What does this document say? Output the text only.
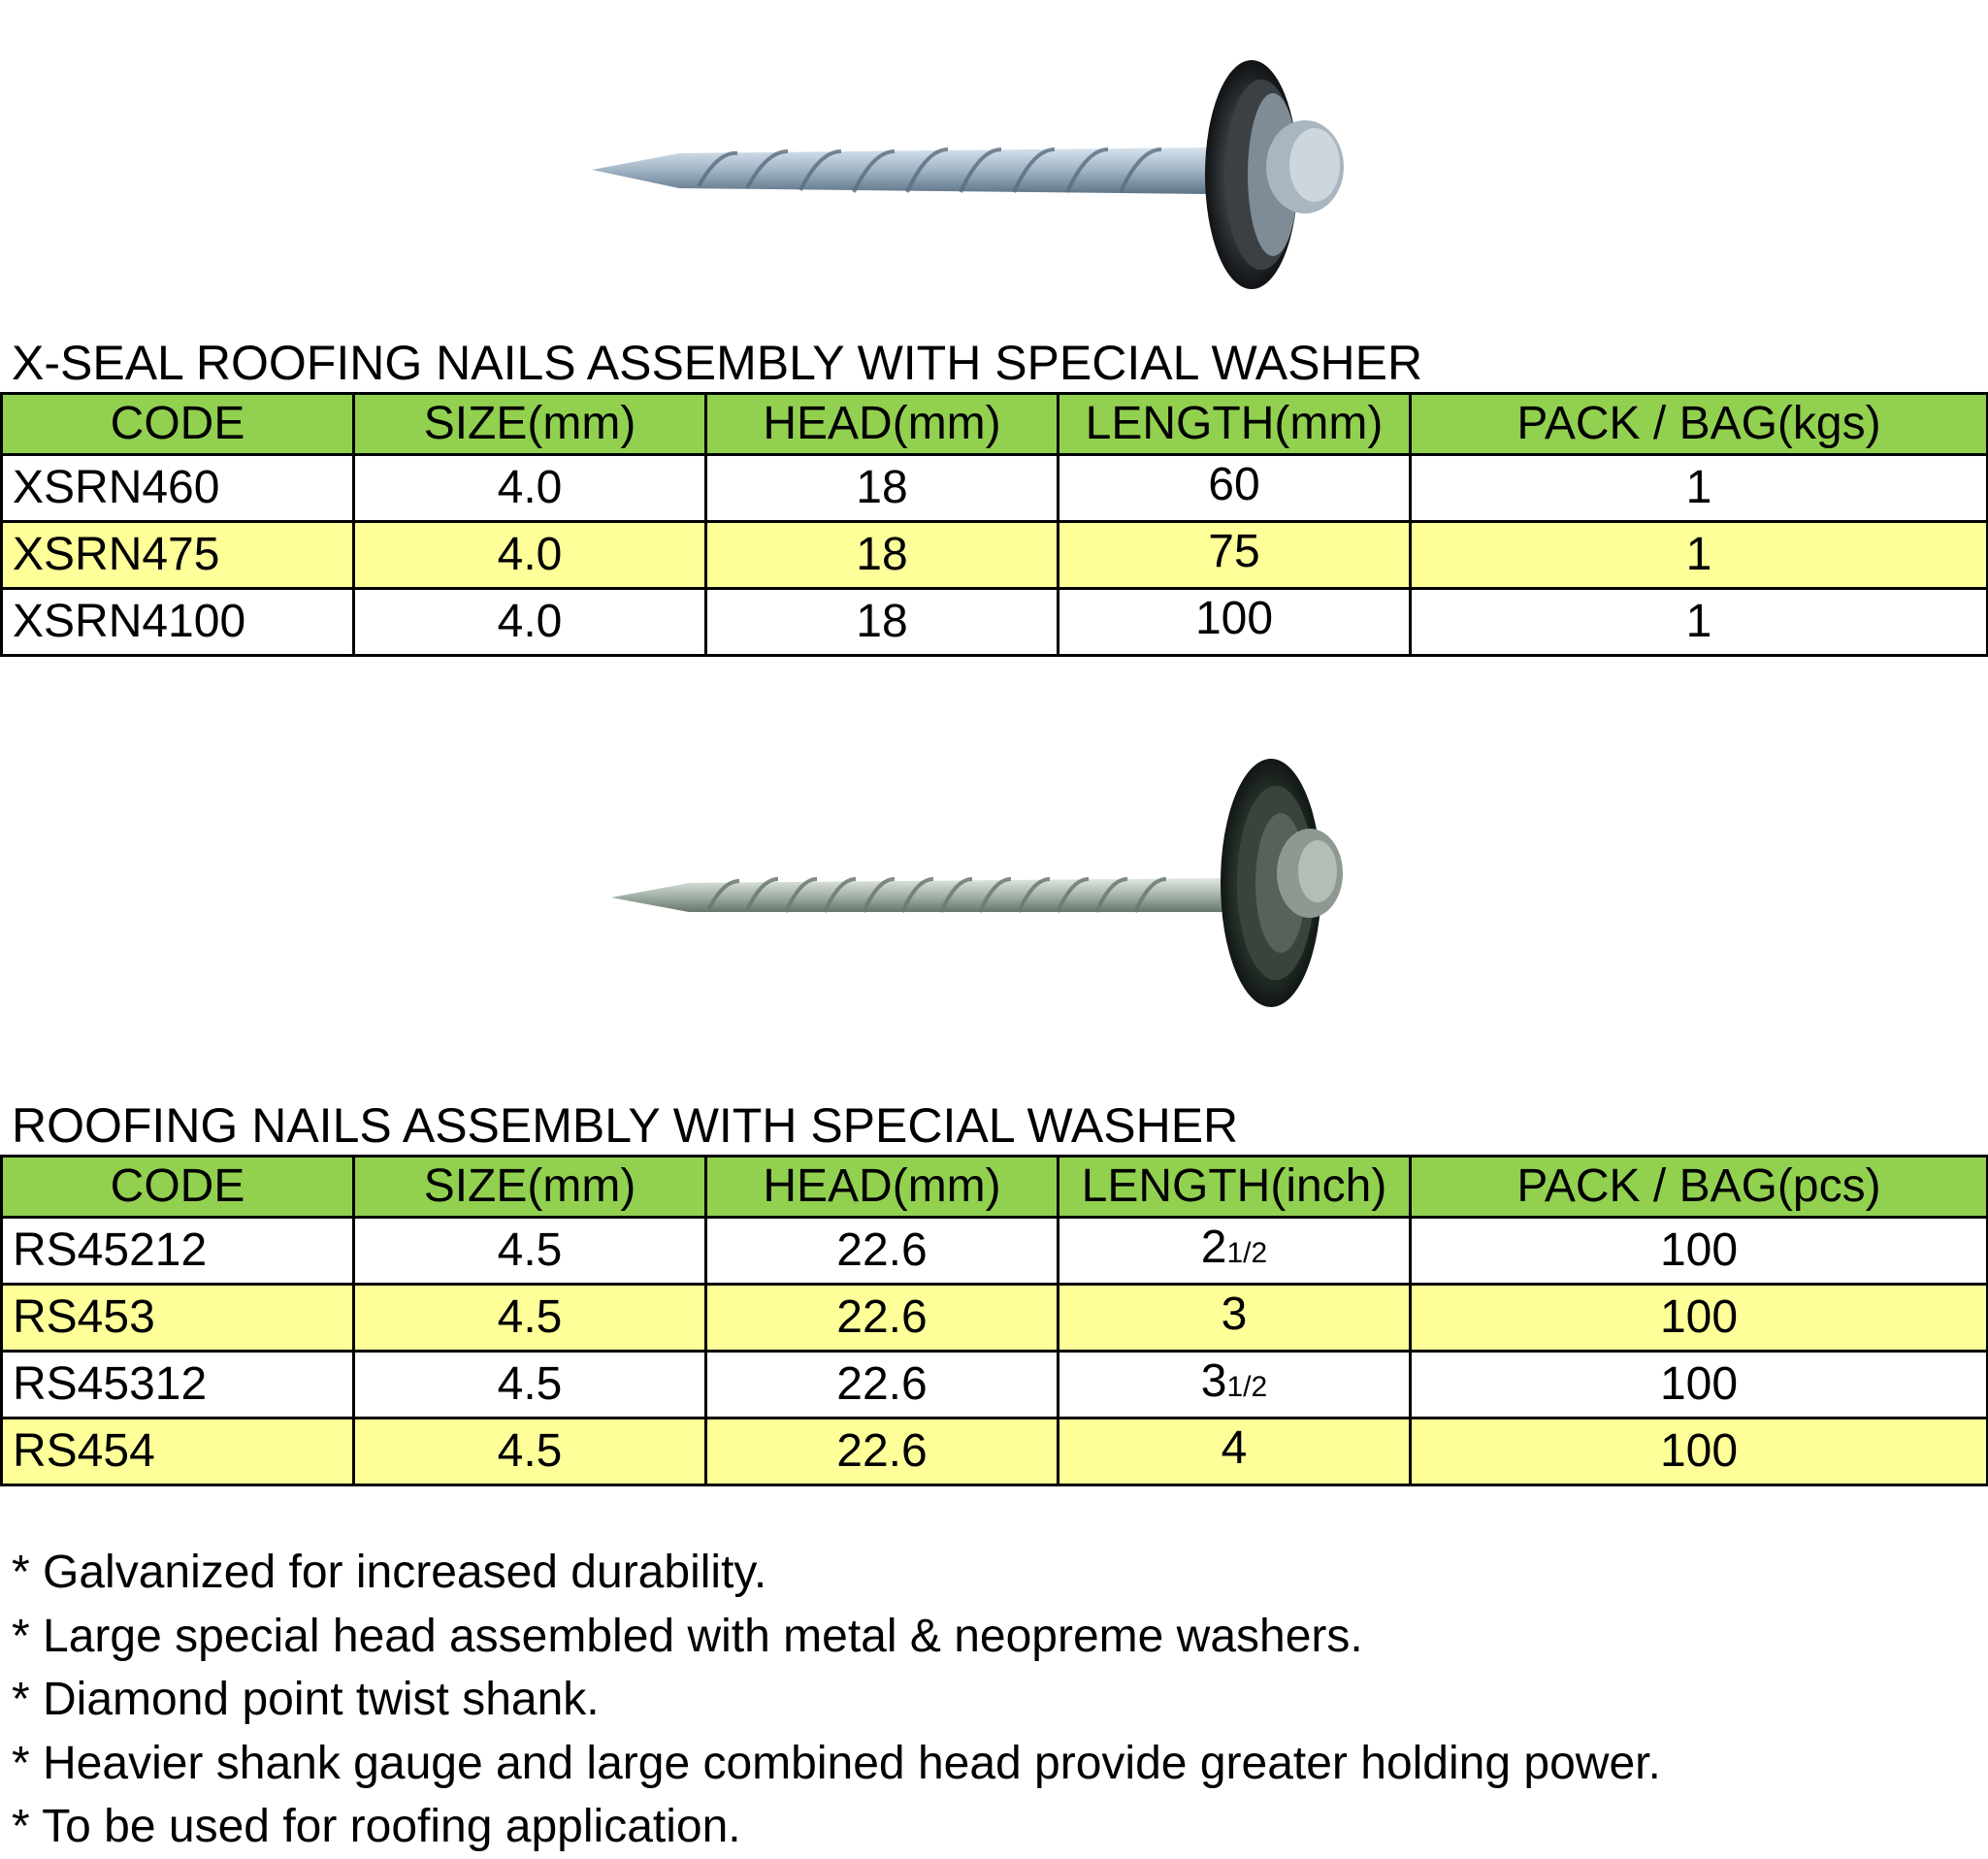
X-SEAL ROOFING NAILS ASSEMBLY WITH SPECIAL WASHER
CODE	SIZE(mm)	HEAD(mm)	LENGTH(mm)	PACK / BAG(kgs)
XSRN460	4.0	18	60	1
XSRN475	4.0	18	75	1
XSRN4100	4.0	18	100	1
ROOFING NAILS ASSEMBLY WITH SPECIAL WASHER
CODE	SIZE(mm)	HEAD(mm)	LENGTH(inch)	PACK / BAG(pcs)
RS45212	4.5	22.6	21/2	100
RS453	4.5	22.6	3	100
RS45312	4.5	22.6	31/2	100
RS454	4.5	22.6	4	100
* Galvanized for increased durability.
* Large special head assembled with metal & neopreme washers.
* Diamond point twist shank.
* Heavier shank gauge and large combined head provide greater holding power.
* To be used for roofing application.
